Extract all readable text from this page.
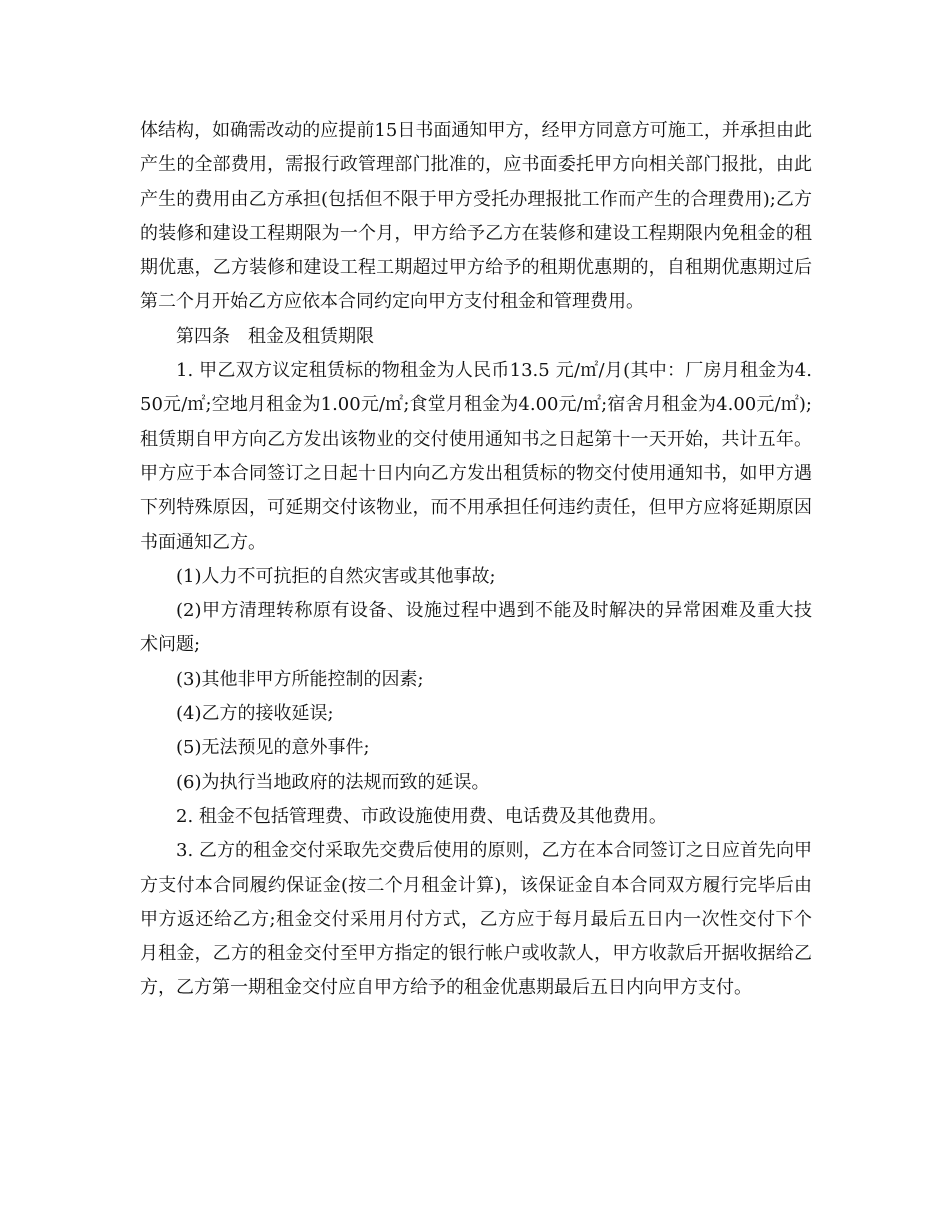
体结构，如确需改动的应提前15日书面通知甲方，经甲方同意方可施工，并承担由此产生的全部费用，需报行政管理部门批准的，应书面委托甲方向相关部门报批，由此产生的费用由乙方承担(包括但不限于甲方受托办理报批工作而产生的合理费用);乙方的装修和建设工程期限为一个月，甲方给予乙方在装修和建设工程期限内免租金的租期优惠，乙方装修和建设工程工期超过甲方给予的租期优惠期的，自租期优惠期过后第二个月开始乙方应依本合同约定向甲方支付租金和管理费用。

第四条　租金及租赁期限

1. 甲乙双方议定租赁标的物租金为人民币13.5 元/㎡/月(其中：厂房月租金为4.50元/㎡;空地月租金为1.00元/㎡;食堂月租金为4.00元/㎡;宿舍月租金为4.00元/㎡);租赁期自甲方向乙方发出该物业的交付使用通知书之日起第十一天开始，共计五年。甲方应于本合同签订之日起十日内向乙方发出租赁标的物交付使用通知书，如甲方遇下列特殊原因，可延期交付该物业，而不用承担任何违约责任，但甲方应将延期原因书面通知乙方。

(1)人力不可抗拒的自然灾害或其他事故;

(2)甲方清理转称原有设备、设施过程中遇到不能及时解决的异常困难及重大技术问题;

(3)其他非甲方所能控制的因素;

(4)乙方的接收延误;

(5)无法预见的意外事件;

(6)为执行当地政府的法规而致的延误。

2. 租金不包括管理费、市政设施使用费、电话费及其他费用。

3. 乙方的租金交付采取先交费后使用的原则，乙方在本合同签订之日应首先向甲方支付本合同履约保证金(按二个月租金计算)，该保证金自本合同双方履行完毕后由甲方返还给乙方;租金交付采用月付方式，乙方应于每月最后五日内一次性交付下个月租金，乙方的租金交付至甲方指定的银行帐户或收款人，甲方收款后开据收据给乙方，乙方第一期租金交付应自甲方给予的租金优惠期最后五日内向甲方支付。
